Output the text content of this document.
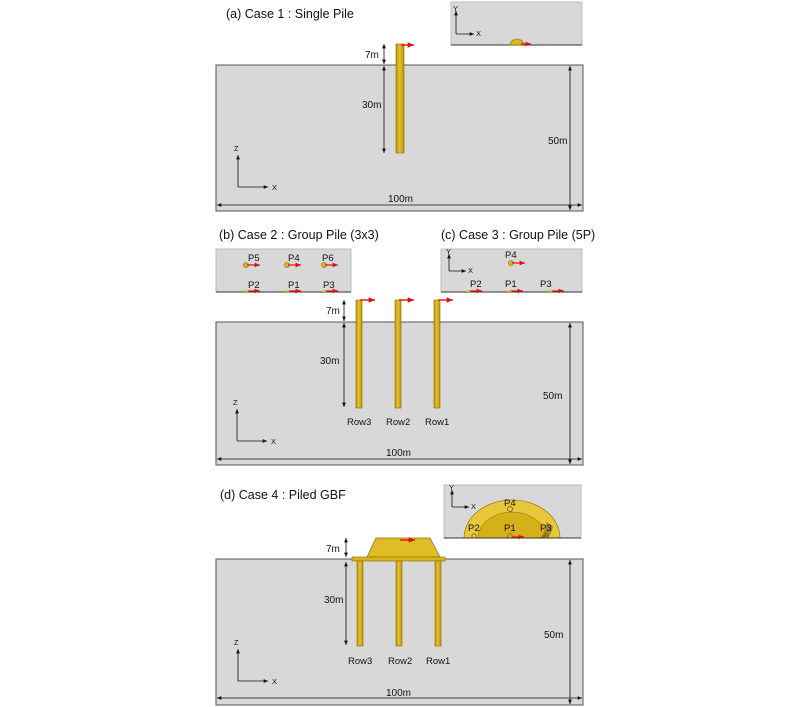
(a) Case 1 : Single Pile	Y
X
7m
30m
50m
100m
Z
X
(b) Case 2 : Group Pile (3x3)	(c) Case 3 : Group Pile (5P)
P5	P4 P6
P2	P1 P3
Y
X
P4
P2 P1 P3
Row3 Row2 Row1
7m
30m
50m
100m
Z
X
(d) Case 4 : Piled GBF
Y
X	P4
P2	P1	P3
Row3 Row2 Row1
7m
30m
50m
100m
Z
X
